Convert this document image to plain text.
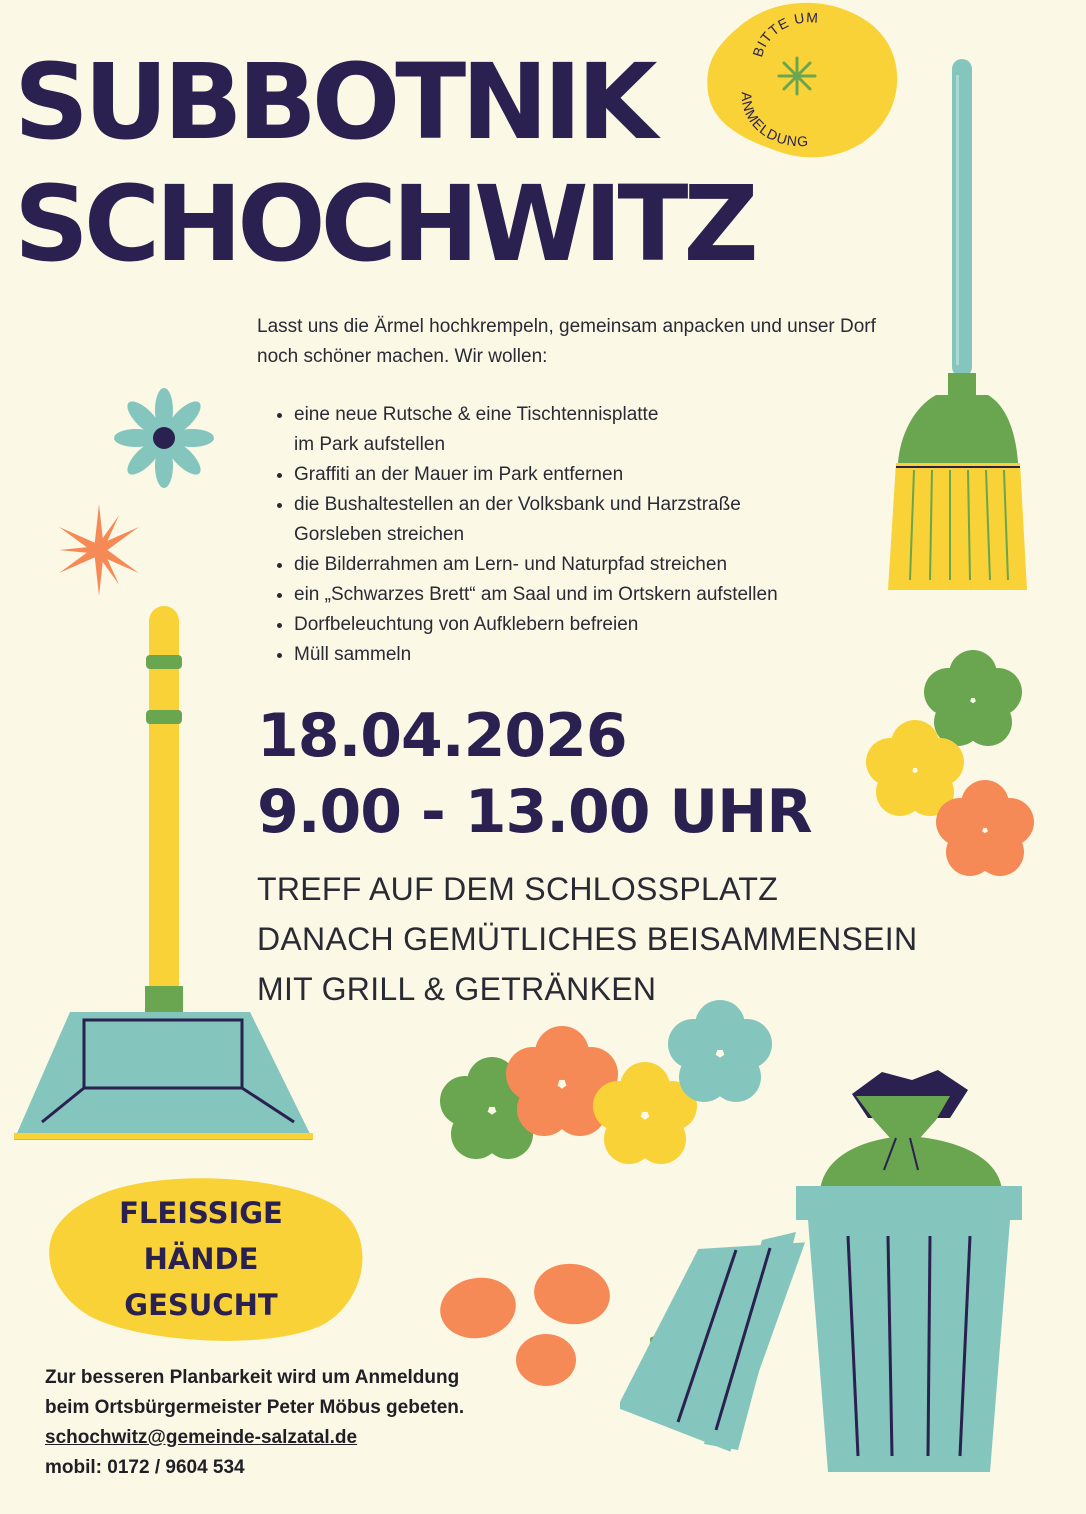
SUBBOTNIK
SCHOCHWITZ
BITTE UM
ANMELDUNG
Lasst uns die Ärmel hochkrempeln, gemeinsam anpacken und unser Dorf noch schöner machen. Wir wollen:
• eine neue Rutsche & eine Tischtennisplatte
im Park aufstellen
• Graffiti an der Mauer im Park entfernen
• die Bushaltestellen an der Volksbank und Harzstraße
Gorsleben streichen
• die Bilderrahmen am Lern- und Naturpfad streichen
• ein „Schwarzes Brett“ am Saal und im Ortskern aufstellen
• Dorfbeleuchtung von Aufklebern befreien
• Müll sammeln
18.04.2026
9.00 - 13.00 UHR
TREFF AUF DEM SCHLOSSPLATZ
DANACH GEMÜTLICHES BEISAMMENSEIN
MIT GRILL & GETRÄNKEN
FLEISSIGE
HÄNDE
GESUCHT
Zur besseren Planbarkeit wird um Anmeldung
beim Ortsbürgermeister Peter Möbus gebeten.
schochwitz@gemeinde-salzatal.de
mobil: 0172 / 9604 534
